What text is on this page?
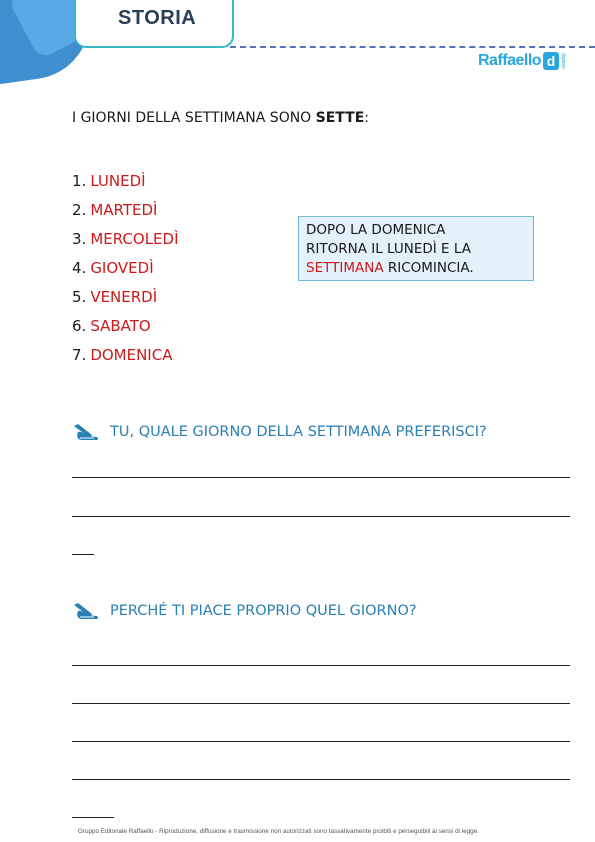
STORIA
Raffaello d digitale
I GIORNI DELLA SETTIMANA SONO SETTE:
1. LUNEDÌ
2. MARTEDÌ
3. MERCOLEDÌ
4. GIOVEDÌ
5. VENERDÌ
6. SABATO
7. DOMENICA
DOPO LA DOMENICA
RITORNA IL LUNEDÌ E LA
SETTIMANA RICOMINCIA.
TU, QUALE GIORNO DELLA SETTIMANA PREFERISCI?
PERCHÉ TI PIACE PROPRIO QUEL GIORNO?
Gruppo Editoriale Raffaello - Riproduzione, diffusione e trasmissione non autorizzati sono tassativamente proibiti e perseguibili ai sensi di legge.
